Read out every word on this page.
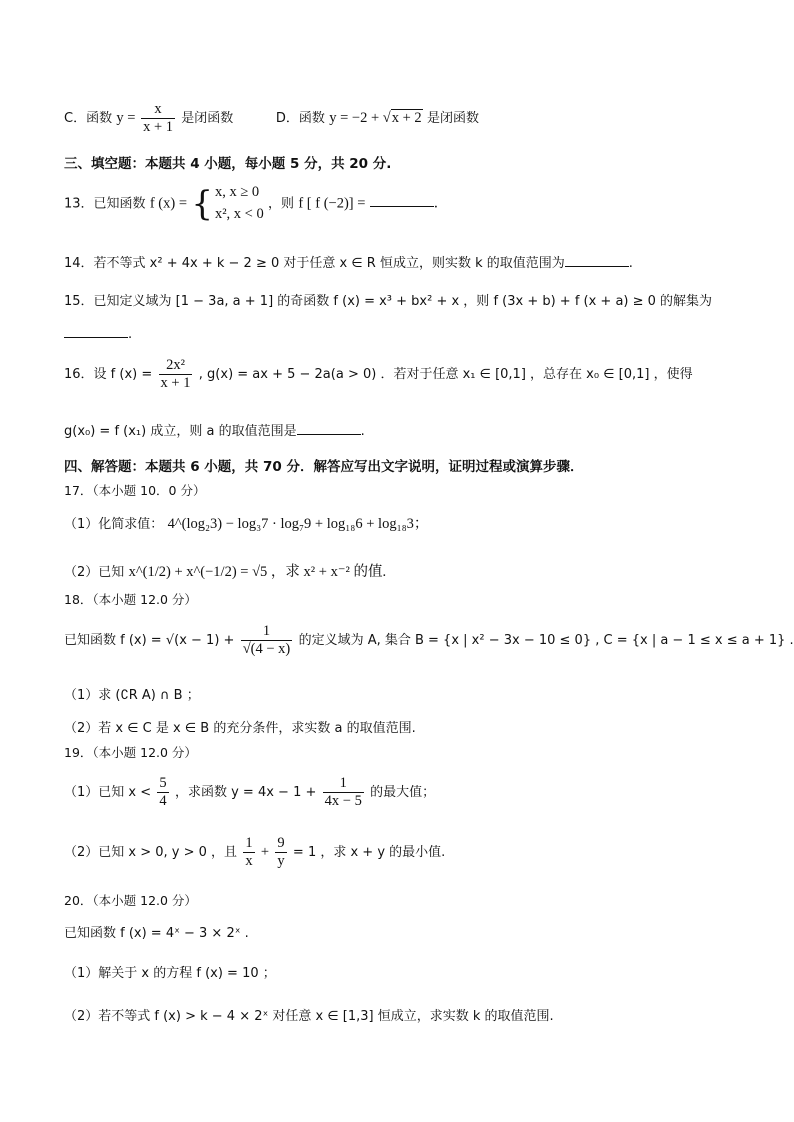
C．函数 $y = \frac{x}{x + 1}$ 是闭函数	D．函数 y = −2 + √x + 2 是闭函数
三、填空题：本题共 4 小题，每小题 5 分，共 20 分.
13．已知函数 f (x) = { x, x ≥ 0
x², x < 0
，则 f [ f (−2)] =	.
14．若不等式 x² + 4x + k − 2 ≥ 0 对于任意 x ∈ R 恒成立，则实数 k 的取值范围为	.
15．已知定义域为 [1 − 3a, a + 1] 的奇函数 f (x) = x³ + bx² + x ，则 f (3x + b) + f (x + a) ≥ 0 的解集为
.
16．设 f $(x) = \frac{\text{2x²}}{x + 1}$ , g(x) = ax + 5 − 2a(a > 0) ．若对于任意 x₁ ∈ [0,1] ，总存在 x₀ ∈ [0,1] ，使得
g(x₀) = f (x₁) 成立，则 a 的取值范围是	.
四、解答题：本题共 6 小题，共 70 分．解答应写出文字说明，证明过程或演算步骤．
17．（本小题 10．0 分）
（1）化简求值： 4^(log₂3) − log₃7 · log₇9 + log₁₈6 + log₁₈3；
（2）已知 x^(1/2) + x^(−1/2) = √5 ，求 x² + x⁻² 的值.
18．（本小题 12.0 分）
已知函数 f $(x) = √(x - 1) + \frac{1}{√(4 - x)}$ 的定义域为 A, 集合 B = {x | x² − 3x − 10 ≤ 0} , C = {x | a − 1 ≤ x ≤ a + 1} .
（1）求 (∁R A) ∩ B ；
（2）若 x ∈ C 是 x ∈ B 的充分条件，求实数 a 的取值范围.
19．（本小题 12.0 分）
（1）已知 $x < \frac{5}{4}$ ，求函数 $y = 4x - 1 + \frac{1}{4x - 5}$ 的最大值；
（2）已知 x > 0, y > 0 ，且 $\frac{1}{x} + \frac{9}{y} = 1$ ，求 x + y 的最小值.
20．（本小题 12.0 分）
已知函数 f (x) = 4ˣ − 3 × 2ˣ .
（1）解关于 x 的方程 f (x) = 10 ；
（2）若不等式 f (x) > k − 4 × 2ˣ 对任意 x ∈ [1,3] 恒成立，求实数 k 的取值范围.
